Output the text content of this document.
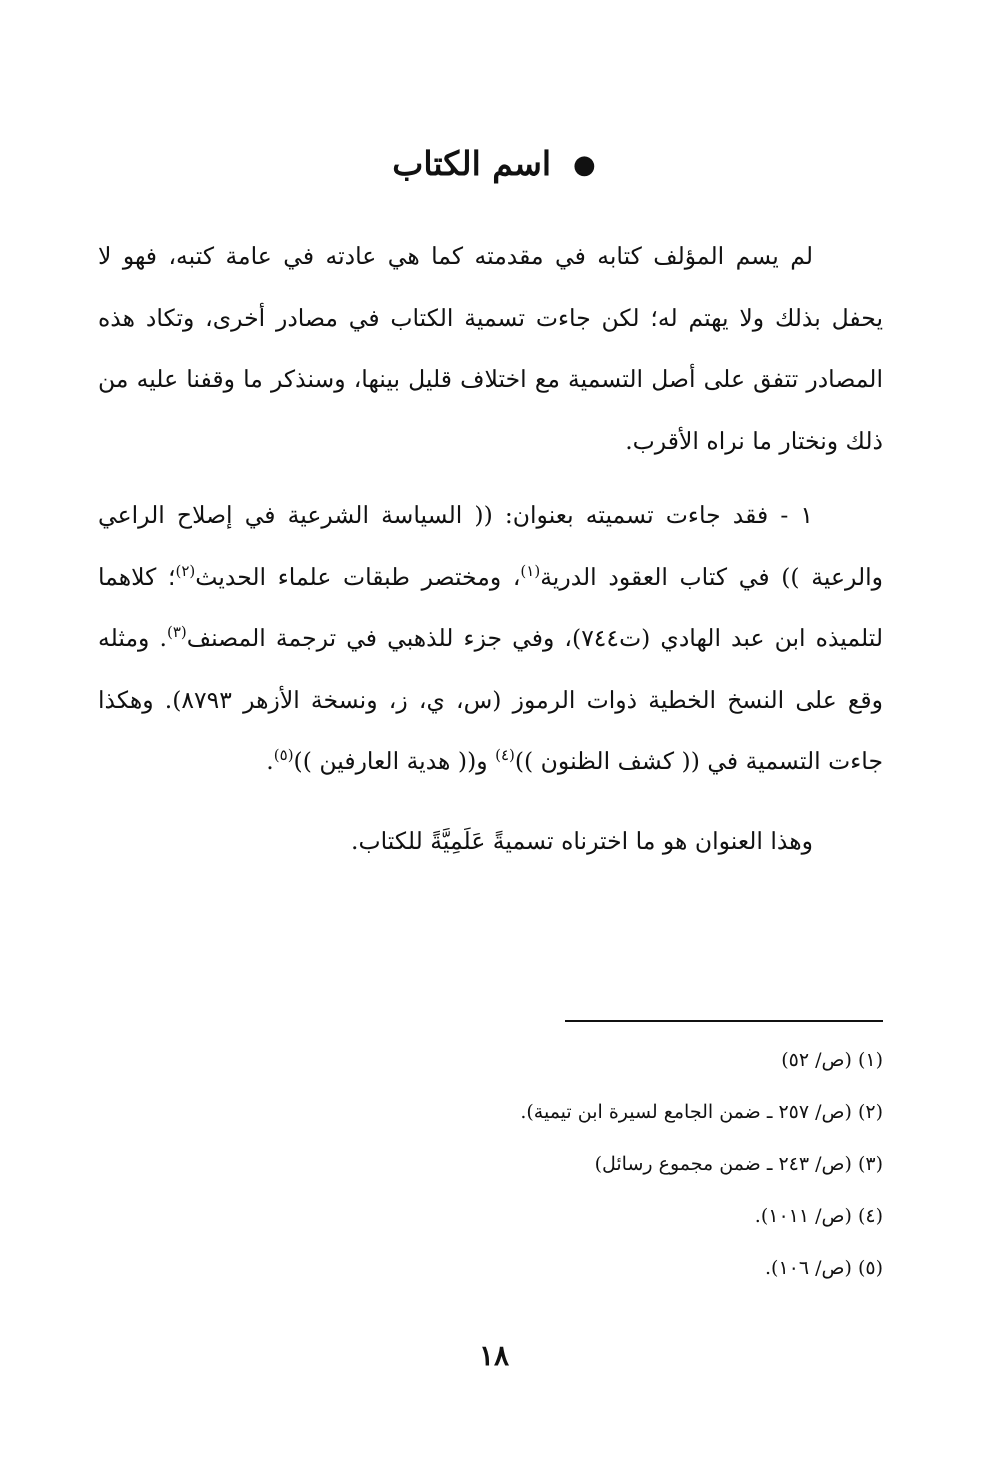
●اسم الكتاب

لم يسم المؤلف كتابه في مقدمته كما هي عادته في عامة كتبه، فهو لا يحفل بذلك ولا يهتم له؛ لكن جاءت تسمية الكتاب في مصادر أخرى، وتكاد هذه المصادر تتفق على أصل التسمية مع اختلاف قليل بينها، وسنذكر ما وقفنا عليه من ذلك ونختار ما نراه الأقرب.

١ - فقد جاءت تسميته بعنوان: (( السياسة الشرعية في إصلاح الراعي والرعية )) في كتاب العقود الدرية$^{(١)}$، ومختصر طبقات علماء الحديث$^{(٢)}$؛ كلاهما لتلميذه ابن عبد الهادي (ت٧٤٤)، وفي جزء للذهبي في ترجمة المصنف$^{(٣)}$. ومثله وقع على النسخ الخطية ذوات الرموز (س، ي، ز، ونسخة الأزهر ٨٧٩٣). وهكذا جاءت التسمية في (( كشف الظنون ))$^{(٤)}$ و(( هدية العارفين ))$^{(٥)}$.

وهذا العنوان هو ما اخترناه تسميةً عَلَمِيَّةً للكتاب.

(١) (ص/ ٥٢)

(٢) (ص/ ٢٥٧ ـ ضمن الجامع لسيرة ابن تيمية).

(٣) (ص/ ٢٤٣ ـ ضمن مجموع رسائل)

(٤) (ص/ ١٠١١).

(٥) (ص/ ١٠٦).

١٨
